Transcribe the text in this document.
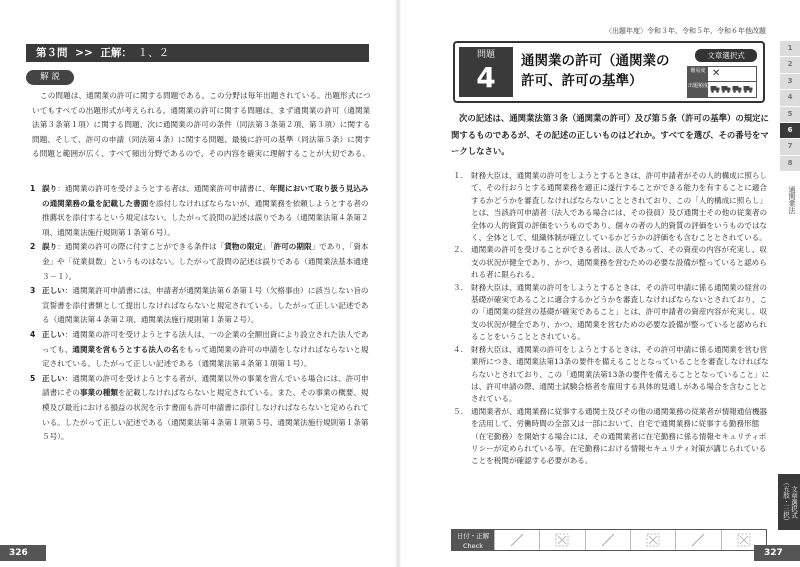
第３問 >> 正解： １、２
解 説

この問題は、通関業の許可に関する問題である。この分野は毎年出題されている。出題形式についてもすべての出題形式が考えられる。通関業の許可に関する問題は、まず通関業の許可（通関業法第３条第１項）に関する問題、次に通関業の許可の条件（同法第３条第２項、第３項）に関する問題、そして、許可の申請（同法第４条）に関する問題、最後に許可の基準（同法第５条）に関する問題と範囲が広く、すべて頻出分野であるので、その内容を確実に理解することが大切である。

1 誤り：通関業の許可を受けようとする者は、通関業許可申請書に、年間において取り扱う見込みの通関業務の量を記載した書面を添付しなければならないが、通関業務を依頼しようとする者の推薦状を添付するという規定はない。したがって設問の記述は誤りである（通関業法第４条第２項、通関業法施行規則第１条第６号）。

2 誤り：通関業の許可の際に付すことができる条件は「貨物の限定」「許可の期限」であり、「資本金」や「従業員数」というものはない。したがって設問の記述は誤りである（通関業法基本通達３－１）。

3 正しい：通関業許可申請書には、申請者が通関業法第６条第１号（欠格事由）に該当しない旨の宣誓書を添付書類として提出しなければならないと規定されている。したがって正しい記述である（通関業法第４条第２項、通関業法施行規則第１条第２号）。

4 正しい：通関業の許可を受けようとする法人は、一の企業の全額出資により設立された法人であっても、通関業を営もうとする法人の名をもって通関業の許可の申請をしなければならないと規定されている。したがって正しい記述である（通関業法第４条第１項第１号）。

5 正しい：通関業の許可を受けようとする者が、通関業以外の事業を営んでいる場合には、許可申請書にその事業の種類を記載しなければならないと規定されている。また、その事業の概要、規模及び最近における損益の状況を示す書面も許可申請書に添付しなければならないと定められている。したがって正しい記述である（通関業法第４条第１項第５号、通関業法施行規則第１条第５号）。

326
〈出題年度〉令和３年、令和５年、令和６年他改題
問題
4	通関業の許可（通関業の
許可、許可の基準）
文章選択式
難易度 ✕
出題頻度

次の記述は、通関業法第３条（通関業の許可）及び第５条（許可の基準）の規定に関するものであるが、その記述の正しいものはどれか。すべてを選び、その番号をマークしなさい。

１. 財務大臣は、通関業の許可をしようとするときは、許可申請者がその人的構成に照らして、その行おうとする通関業務を適正に遂行することができる能力を有することに適合するかどうかを審査しなければならないこととされており、この「人的構成に照らし」とは、当該許可申請者（法人である場合には、その役員）及び通関士その他の従業者の全体の人的資質の評価をいうものであり、個々の者の人的資質の評価をいうものではなく、全体として、組織体制が確立しているかどうかの評価をも含むこととされている。

２. 通関業の許可を受けることができる者は、法人であって、その資産の内容が充実し、収支の状況が健全であり、かつ、通関業務を営むための必要な設備が整っていると認められる者に限られる。

３. 財務大臣は、通関業の許可をしようとするときは、その許可申請に係る通関業の経営の基礎が確実であることに適合するかどうかを審査しなければならないとされており、この「通関業の経営の基礎が確実であること」とは、許可申請者の資産内容が充実し、収支の状況が健全であり、かつ、通関業を営むための必要な設備が整っていると認められることをいうこととされている。

４. 財務大臣は、通関業の許可をしようとするときは、その許可申請に係る通関業を営む営業所につき、通関業法第13条の要件を備えることとなっていることを審査しなければならないとされており、この「通関業法第13条の要件を備えることとなっていること」には、許可申請の際、通関士試験合格者を雇用する具体的見通しがある場合を含むこととされている。

５. 通関業者が、通関業務に従事する通関士及びその他の通関業務の従業者が情報通信機器を活用して、労働時間の全部又は一部において、自宅で通関業務に従事する勤務形態（在宅勤務）を開始する場合には、その通関業者に在宅勤務に係る情報セキュリティポリシーが定められている等、在宅勤務における情報セキュリティ対策が講じられていることを税関が確認する必要がある。

日付・正解
Check
327
1
2
3
4
5
6
7
8
通関業法
文章選択式
（五肢・三択）
